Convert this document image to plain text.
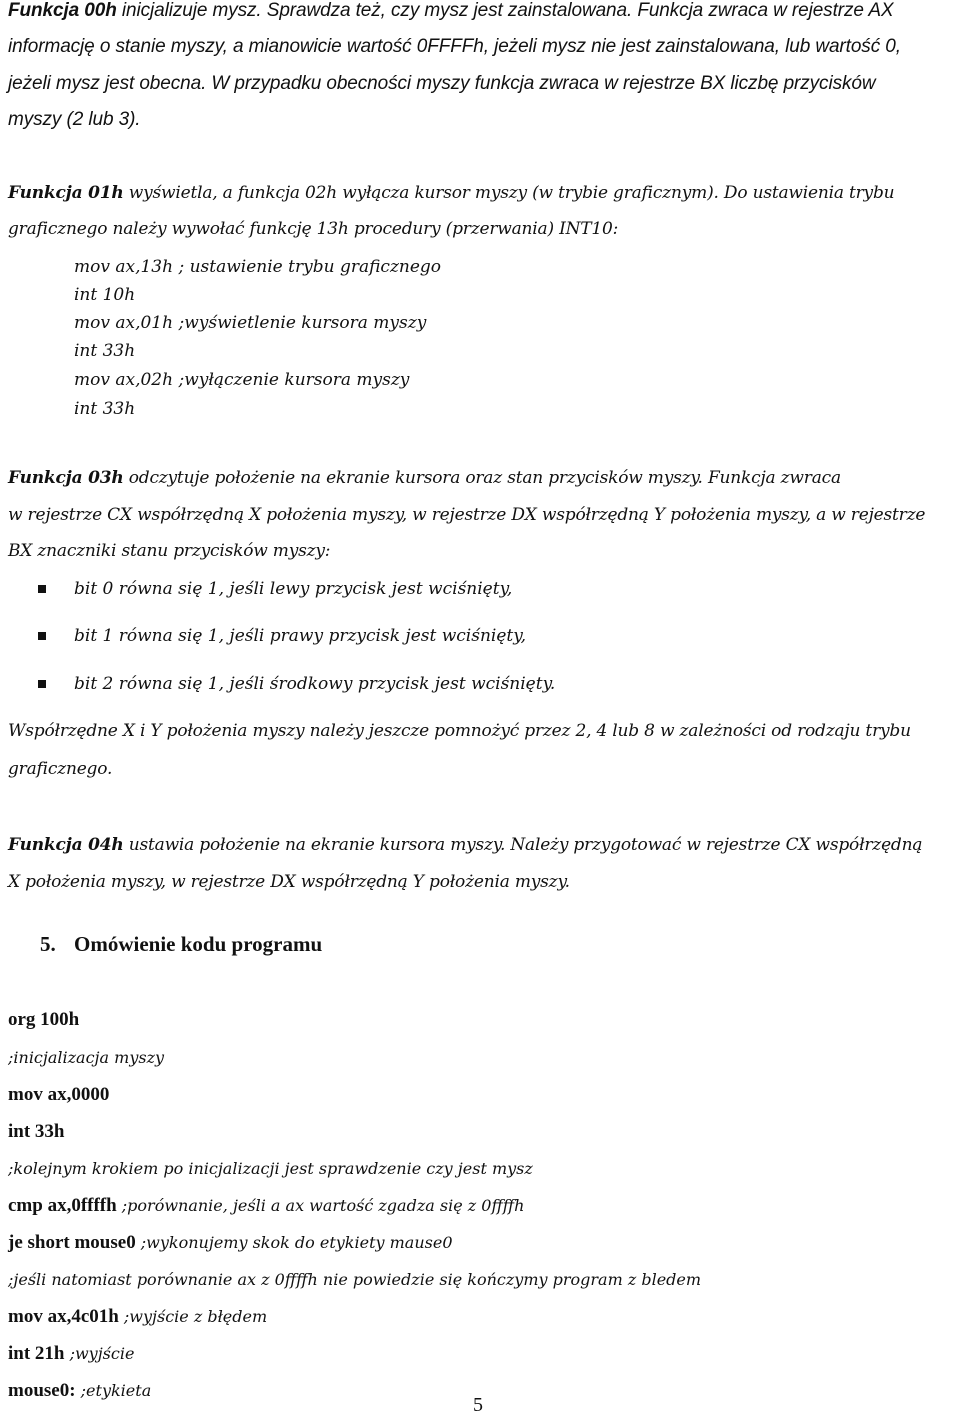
Funkcja 00h inicjalizuje mysz. Sprawdza też, czy mysz jest zainstalowana. Funkcja zwraca w rejestrze AX

informację o stanie myszy, a mianowicie wartość 0FFFFh, jeżeli mysz nie jest zainstalowana, lub wartość 0,

jeżeli mysz jest obecna. W przypadku obecności myszy funkcja zwraca w rejestrze BX liczbę przycisków

myszy (2 lub 3).

Funkcja 01h wyświetla, a funkcja 02h wyłącza kursor myszy (w trybie graficznym). Do ustawienia trybu

graficznego należy wywołać funkcję 13h procedury (przerwania) INT10:

mov ax,13h ; ustawienie trybu graficznego

int 10h

mov ax,01h ;wyświetlenie kursora myszy

int 33h

mov ax,02h ;wyłączenie kursora myszy

int 33h

Funkcja 03h odczytuje położenie na ekranie kursora oraz stan przycisków myszy. Funkcja zwraca

w rejestrze CX współrzędną X położenia myszy, w rejestrze DX współrzędną Y położenia myszy, a w rejestrze

BX znaczniki stanu przycisków myszy:

bit 0 równa się 1, jeśli lewy przycisk jest wciśnięty,
bit 1 równa się 1, jeśli prawy przycisk jest wciśnięty,
bit 2 równa się 1, jeśli środkowy przycisk jest wciśnięty.

Współrzędne X i Y położenia myszy należy jeszcze pomnożyć przez 2, 4 lub 8 w zależności od rodzaju trybu

graficznego.

Funkcja 04h ustawia położenie na ekranie kursora myszy. Należy przygotować w rejestrze CX współrzędną

X położenia myszy, w rejestrze DX współrzędną Y położenia myszy.

5. Omówienie kodu programu

org 100h

;inicjalizacja myszy

mov ax,0000

int 33h

;kolejnym krokiem po inicjalizacji jest sprawdzenie czy jest mysz

cmp ax,0ffffh ;porównanie, jeśli a ax wartość zgadza się z 0ffffh

je short mouse0 ;wykonujemy skok do etykiety mause0

;jeśli natomiast porównanie ax z 0ffffh nie powiedzie się kończymy program z bledem

mov ax,4c01h ;wyjście z błędem

int 21h ;wyjście

mouse0: ;etykieta

5
